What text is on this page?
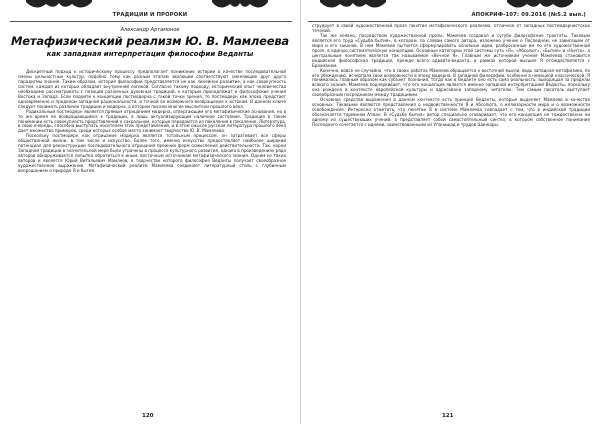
ТРАДИЦИИ И ПРОРОКИ
Александр Артамонов
Метафизический реализм Ю. В. Мамлеева
как западная интерпретация философии Веданты

Дискретный подход к историческому процессу предполагает понимание истории в качестве последовательной смены цельностных культур, подобно тому как разным этапам эволюции соответствуют сменяющие друг друга парадигмы знания. Таким образом, история философии представляется не как линейное развитие, а как совокупность систем, каждая из которых обладает внутренней логикой. Согласно такому подходу, исторический опыт человечества необходимо рассматривать с позиций различных духовных традиций, к которым принадлежат и философские учения Востока и Запада. Если подойти к концепции постмодерна с такой точки зрения, то постмодерн как эпоха предстает одновременно и пределом западной рациональности, и точкой ее возможного возвращения к истокам. В данном ключе следует понимать различие традиции и модерна, о котором писали многие мыслители прошлого века.

Радикальный постмодерн является прямым отрицанием модерна, отвергающим его метафизические основания, но в то же время не возвращающимся к традиции, а лишь актуализирующим наличное состояние. Традиция в таком понимании есть совокупность представлений о сакральном, которые передаются из поколения в поколение. Литература, в свою очередь, способна выступать носителем этих представлений, и в этом смысле русская литература прошлого века дает множество примеров, среди которых особое место занимает творчество Ю. В. Мамлеева.

Поскольку постмодерн как отрицание модерна является тотальным процессом, он затрагивает все сферы общественной жизни, в том числе и искусство. Более того, именно искусство предоставляет наиболее широкий потенциал для реконструкции последовательного отрицания прежних форм осмысления действительности. Так, корни Западной традиции в значительной мере были утрачены в процессе культурного развития, однако в произведениях ряда авторов обнаруживается попытка обратиться к иным, восточным источникам метафизического знания. Одним из таких авторов и является Юрий Витальевич Мамлеев, в творчестве которого философия Веданты получает своеобразное художественное выражение. Метафизический реализм Мамлеева соединяет литературный стиль с глубинным вопрошанием о природе Я и бытия.

120
АПОКРИФ-107: 09.2016 (№5.2 вып.)

струирует в своей художественной прозе понятие метафизического реализма, отличное от западных постмодернистских течений.

Так же неявно, посредством художественной прозы, Мамлеев создавал и сугубо философские трактаты. Таковым является его труд «Судьба бытия», в котором, по словам самого автора, изложено учение о Последнем, не зависящем от мира и его законов. В нем Мамлеев пытается сформулировать основные идеи, разбросанные им по его художественной прозе, в единую систематическую концепцию. Основные категории этой системы суть «Я», «Абсолют», «Бытие» и «Ничто», а центральным понятием является так называемое «Вечное Я». Главным же источником учения Мамлеева становится индийская философская традиция, прежде всего адвайта-веданта, в рамках которой высшее Я отождествляется с Брахманом.

Конечно, вовсе не случайно, что в своих работах Мамлеев обращается к восточной мысли, ведь западная метафизика, по его убеждению, исчерпала свои возможности в эпоху модерна. В западной философии, особенно в немецкой классической, Я понималось главным образом как субъект познания, тогда как в Веданте оно есть сама реальность, выходящая за пределы всякого знания. Мамлеев подчеркивает, что его концепция является именно западной интерпретацией Веданты, поскольку она рождена в контексте европейской культуры и адресована западному читателю. Тем самым писатель выступает своеобразным посредником между традициями.

Основное средство выражения в данном контексте есть принцип Веданты, которые выделяет Мамлеев в качестве основных. Таковыми являются представления о недвойственности Я и Абсолюта, о иллюзорности мира и о возможности освобождения. Интересно отметить, что понятие Я в системе Мамлеева совпадает с тем, что в индийской традиции обозначается термином Атман. В «Судьбе бытия» автор специально оговаривает, что его концепция не тождественна ни одному из существующих учений, а представляет собой самостоятельный синтез, в котором собственное понимание Последнего сочетается с идеями, заимствованными из Упанишад и трудов Шанкары.

121
